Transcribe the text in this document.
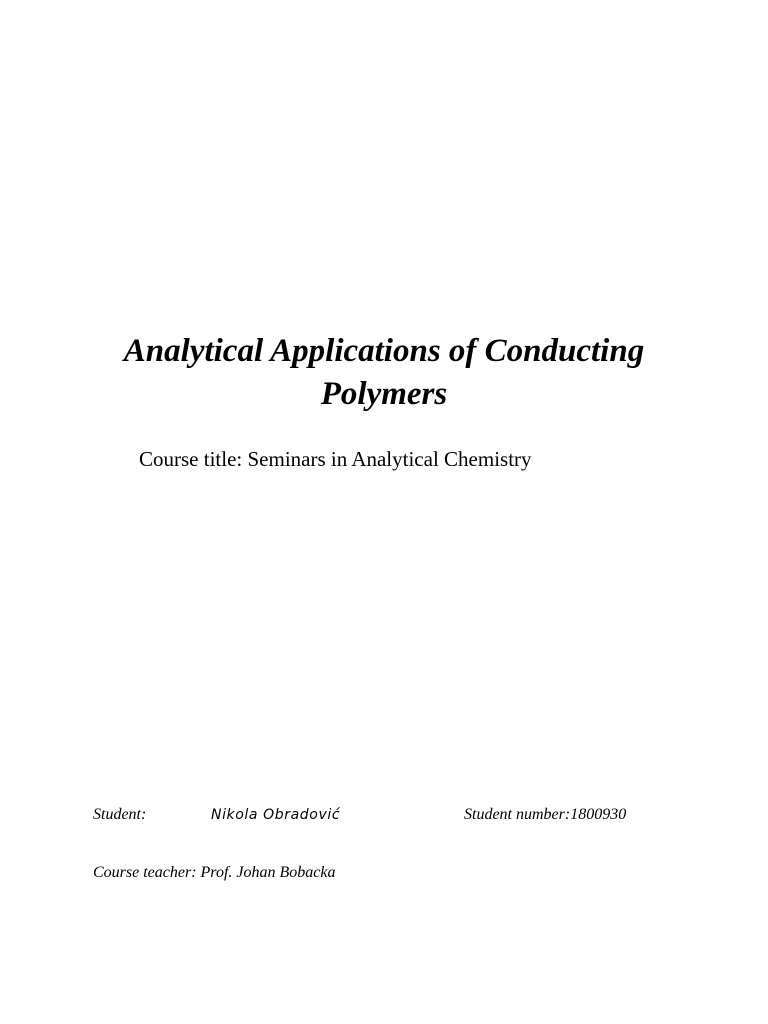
Analytical Applications of Conducting
Polymers
Course title: Seminars in Analytical Chemistry
Student:	Nikola Obradović	Student number:1800930
Course teacher: Prof. Johan Bobacka
